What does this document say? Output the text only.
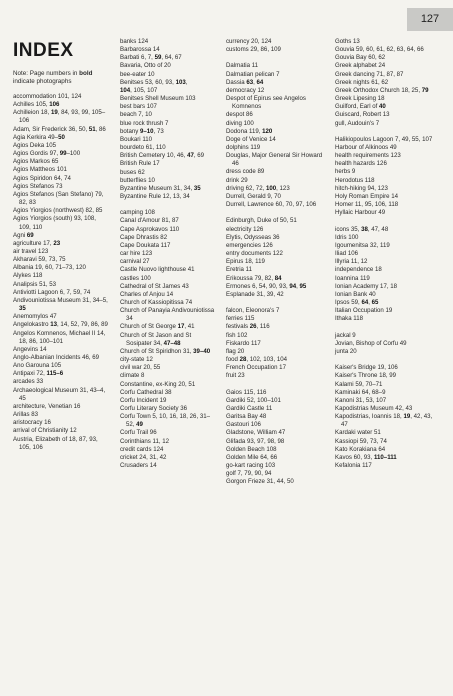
127
INDEX
Note: Page numbers in bold indicate photographs
accommodation 101, 124
Achilles 105, 106
Achilleion 18, 19, 84, 93, 99, 105–106
Adam, Sir Frederick 36, 50, 51, 86
Agia Kerkira 49–50
Agios Deka 105
Agios Gordis 97, 99–100
Agios Markos 65
Agios Mattheos 101
Agios Spiridon 64, 74
Agios Stefanos 73
Agios Stefanos (San Stefano) 79, 82, 83
Agios Yiorgios (northwest) 82, 85
Agios Yiorgios (south) 93, 108, 109, 110
Agni 69
agriculture 17, 23
air travel 123
Akharavi 59, 73, 75
Albania 19, 60, 71–73, 120
Alykes 118
Analipsis 51, 53
Antiviotti Lagoon 6, 7, 59, 74
Andivouniotissa Museum 31, 34–5, 35
Anemomylos 47
Angelokastro 13, 14, 52, 79, 86, 89
Angelos Komnenos, Michael II 14, 18, 86, 100–101
Angevins 14
Anglo-Albanian Incidents 46, 69
Ano Garouna 105
Antipaxi 72, 115–6
arcades 33
Archaeological Museum 31, 43–4, 45
architecture, Venetian 16
Arillas 83
aristocracy 16
arrival of Christianity 12
Austria, Elizabeth of 18, 87, 93, 105, 106
banks 124
Barbarossa 14
Barbati 6, 7, 59, 64, 67
Bavaria, Otto of 20
bee-eater 10
Benitses 53, 60, 93, 103,
104, 105, 107
Benitses Shell Museum 103
best bars 107
beach 7, 10
blue rock thrush 7
botany 9–10, 73
Boukari 110
bourdeto 61, 110
British Cemetery 10, 46, 47, 69
British Rule 17
buses 62
butterflies 10
Byzantine Museum 31, 34, 35
Byzantine Rule 12, 13, 34
camping 108
Canal d'Amour 81, 87
Cape Asprokavos 110
Cape Dhrastis 82
Cape Doukata 117
car hire 123
carnival 27
Castle Nuovo lighthouse 41
castles 100
Cathedral of St James 43
Charles of Anjou 14
Church of Kassiopitissa 74
Church of Panayia Andivouniotissa 34
Church of St George 17, 41
Church of St Jason and St Sosipater 34, 47–48
Church of St Spiridhon 31, 39–40
city-state 12
civil war 20, 55
climate 8
Constantine, ex-King 20, 51
Corfu Cathedral 38
Corfu Incident 19
Corfu Literary Society 36
Corfu Town 5, 10, 16, 18, 26, 31–52, 49
Corfu Trail 96
Corinthians 11, 12
credit cards 124
cricket 24, 31, 42
Crusaders 14
currency 20, 124
customs 29, 86, 109
Dalmatia 11
Dalmatian pelican 7
Dassia 63, 64
democracy 12
Despot of Epirus see Angelos Komnenos
despot 86
diving 100
Dodona 119, 120
Doge of Venice 14
dolphins 119
Douglas, Major General Sir Howard 46
dress code 89
drink 29
driving 62, 72, 100, 123
Durrell, Gerald 9, 70
Durrell, Lawrence 60, 70, 97, 106
Edinburgh, Duke of 50, 51
electricity 126
Elytis, Odysseas 36
emergencies 126
entry documents 122
Epirus 18, 119
Eretria 11
Erikoussa 79, 82, 84
Ermones 6, 54, 90, 93, 94, 95
Esplanade 31, 39, 42
falcon, Eleonora's 7
ferries 115
festivals 26, 116
fish 102
Fiskardo 117
flag 20
food 28, 102, 103, 104
French Occupation 17
fruit 23
Gaios 115, 116
Gardiki 52, 100–101
Gardiki Castle 11
Garitsa Bay 48
Gastouri 106
Gladstone, William 47
Glifada 93, 97, 98, 98
Golden Beach 108
Golden Mile 64, 66
go-kart racing 103
golf 7, 79, 90, 94
Gorgon Frieze 31, 44, 50
Goths 13
Gouvia 59, 60, 61, 62, 63, 64, 66
Gouvia Bay 60, 62
Greek alphabet 24
Greek dancing 71, 87, 87
Greek nights 61, 62
Greek Orthodox Church 18, 25, 79
Greek Lipesing 18
Guilford, Earl of 40
Guiscard, Robert 13
gull, Audouin's 7
Halikiopoulos Lagoon 7, 49, 55, 107
Harbour of Alkinoos 49
health requirements 123
health hazards 126
herbs 9
Herodotus 118
hitch-hiking 94, 123
Holy Roman Empire 14
Homer 11, 95, 106, 118
Hyllaic Harbour 49
icons 35, 38, 47, 48
Idris 100
Igoumenitsa 32, 119
Iliad 106
Illyria 11, 12
independence 18
Ioannina 119
Ionian Academy 17, 18
Ionian Bank 40
Ipsos 59, 64, 65
Italian Occupation 19
Ithaka 118
jackal 9
Jovian, Bishop of Corfu 49
junta 20
Kaiser's Bridge 19, 106
Kaiser's Throne 18, 99
Kalami 59, 70–71
Kaminaki 64, 68–9
Kanoni 31, 53, 107
Kapodistrias Museum 42, 43
Kapodistrias, Ioannis 18, 19, 42, 43, 47
Kardaki water 51
Kassiopi 59, 73, 74
Kato Korakiana 64
Kavos 60, 93, 110–111
Kefalonia 117
